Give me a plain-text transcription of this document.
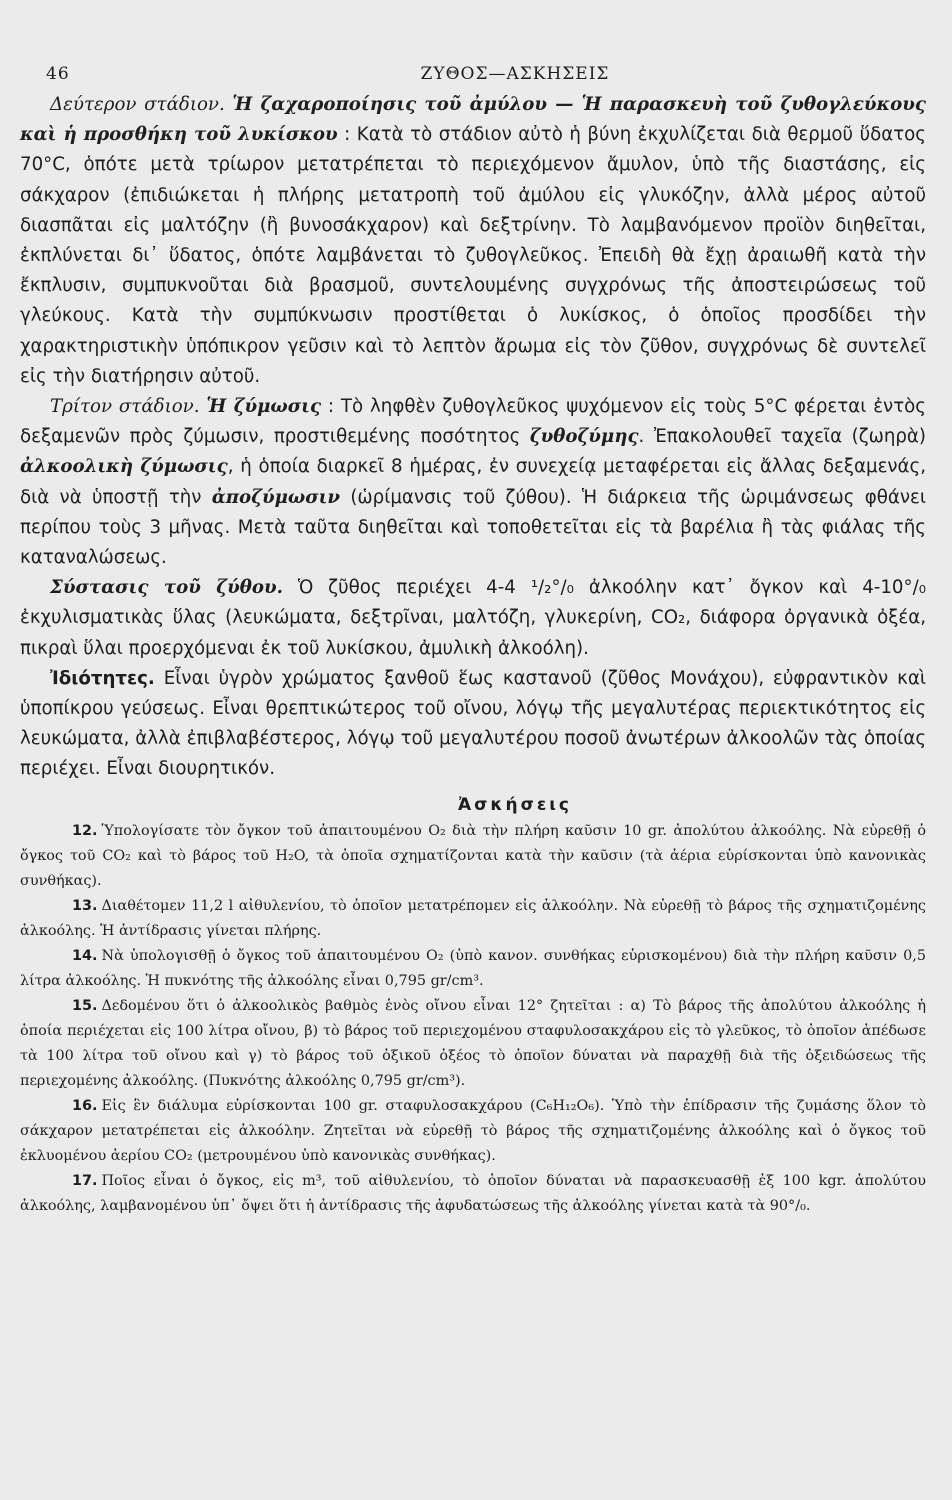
46	ΖΥΘΟΣ—ΑΣΚΗΣΕΙΣ

Δεύτερον στάδιον. Ἡ ζαχαροποίησις τοῦ ἀμύλου — Ἡ παρασκευὴ τοῦ ζυθογλεύκους καὶ ἡ προσθήκη τοῦ λυκίσκου : Κατὰ τὸ στάδιον αὐτὸ ἡ βύνη ἐκχυλίζεται διὰ θερμοῦ ὕδατος 70°C, ὁπότε μετὰ τρίωρον μετατρέπεται τὸ περιεχόμενον ἄμυλον, ὑπὸ τῆς διαστάσης, εἰς σάκχαρον (ἐπιδιώκεται ἡ πλήρης μετατροπὴ τοῦ ἀμύλου εἰς γλυκόζην, ἀλλὰ μέρος αὐτοῦ διασπᾶται εἰς μαλτόζην (ἢ βυνοσάκχαρον) καὶ δεξτρίνην. Τὸ λαμβανόμενον προϊὸν διηθεῖται, ἐκπλύνεται δι᾽ ὕδατος, ὁπότε λαμβάνεται τὸ ζυθογλεῦκος. Ἐπειδὴ θὰ ἔχῃ ἀραιωθῆ κατὰ τὴν ἔκπλυσιν, συμπυκνοῦται διὰ βρασμοῦ, συντελουμένης συγχρόνως τῆς ἀποστειρώσεως τοῦ γλεύκους. Κατὰ τὴν συμπύκνωσιν προστίθεται ὁ λυκίσκος, ὁ ὁποῖος προσδίδει τὴν χαρακτηριστικὴν ὑπόπικρον γεῦσιν καὶ τὸ λεπτὸν ἄρωμα εἰς τὸν ζῦθον, συγχρόνως δὲ συντελεῖ εἰς τὴν διατήρησιν αὐτοῦ.

Τρίτον στάδιον. Ἡ ζύμωσις : Τὸ ληφθὲν ζυθογλεῦκος ψυχόμενον εἰς τοὺς 5°C φέρεται ἐντὸς δεξαμενῶν πρὸς ζύμωσιν, προστιθεμένης ποσότητος ζυθοζύμης. Ἐπακολουθεῖ ταχεῖα (ζωηρὰ) ἀλκοολικὴ ζύμωσις, ἡ ὁποία διαρκεῖ 8 ἡμέρας, ἐν συνεχείᾳ μεταφέρεται εἰς ἄλλας δεξαμενάς, διὰ νὰ ὑποστῇ τὴν ἀποζύμωσιν (ὡρίμανσις τοῦ ζύθου). Ἡ διάρκεια τῆς ὡριμάνσεως φθάνει περίπου τοὺς 3 μῆνας. Μετὰ ταῦτα διηθεῖται καὶ τοποθετεῖται εἰς τὰ βαρέλια ἢ τὰς φιάλας τῆς καταναλώσεως.

Σύστασις τοῦ ζύθου. Ὁ ζῦθος περιέχει 4-4 ¹/₂°/₀ ἀλκοόλην κατ᾽ ὄγκον καὶ 4-10°/₀ ἐκχυλισματικὰς ὕλας (λευκώματα, δεξτρῖναι, μαλτόζη, γλυκερίνη, CO₂, διάφορα ὀργανικὰ ὀξέα, πικραὶ ὕλαι προερχόμεναι ἐκ τοῦ λυκίσκου, ἀμυλικὴ ἀλκοόλη).

Ἰδιότητες. Εἶναι ὑγρὸν χρώματος ξανθοῦ ἕως καστανοῦ (ζῦθος Μονάχου), εὐφραντικὸν καὶ ὑποπίκρου γεύσεως. Εἶναι θρεπτικώτερος τοῦ οἴνου, λόγῳ τῆς μεγαλυτέρας περιεκτικότητος εἰς λευκώματα, ἀλλὰ ἐπιβλαβέστερος, λόγῳ τοῦ μεγαλυτέρου ποσοῦ ἀνωτέρων ἀλκοολῶν τὰς ὁποίας περιέχει. Εἶναι διουρητικόν.

Ἀσκήσεις

12. Ὑπολογίσατε τὸν ὄγκον τοῦ ἀπαιτουμένου O₂ διὰ τὴν πλήρη καῦσιν 10 gr. ἀπολύτου ἀλκοόλης. Νὰ εὑρεθῇ ὁ ὄγκος τοῦ CO₂ καὶ τὸ βάρος τοῦ H₂O, τὰ ὁποῖα σχηματίζονται κατὰ τὴν καῦσιν (τὰ ἀέρια εὑρίσκονται ὑπὸ κανονικὰς συνθήκας).

13. Διαθέτομεν 11,2 l αἰθυλενίου, τὸ ὁποῖον μετατρέπομεν εἰς ἀλκοόλην. Νὰ εὑρεθῇ τὸ βάρος τῆς σχηματιζομένης ἀλκοόλης. Ἡ ἀντίδρασις γίνεται πλήρης.

14. Νὰ ὑπολογισθῇ ὁ ὄγκος τοῦ ἀπαιτουμένου O₂ (ὑπὸ κανον. συνθήκας εὑρισκομένου) διὰ τὴν πλήρη καῦσιν 0,5 λίτρα ἀλκοόλης. Ἡ πυκνότης τῆς ἀλκοόλης εἶναι 0,795 gr/cm³.

15. Δεδομένου ὅτι ὁ ἀλκοολικὸς βαθμὸς ἑνὸς οἴνου εἶναι 12° ζητεῖται : α) Τὸ βάρος τῆς ἀπολύτου ἀλκοόλης ἡ ὁποία περιέχεται εἰς 100 λίτρα οἴνου, β) τὸ βάρος τοῦ περιεχομένου σταφυλοσακχάρου εἰς τὸ γλεῦκος, τὸ ὁποῖον ἀπέδωσε τὰ 100 λίτρα τοῦ οἴνου καὶ γ) τὸ βάρος τοῦ ὀξικοῦ ὀξέος τὸ ὁποῖον δύναται νὰ παραχθῇ διὰ τῆς ὀξειδώσεως τῆς περιεχομένης ἀλκοόλης. (Πυκνότης ἀλκοόλης 0,795 gr/cm³).

16. Εἰς ἓν διάλυμα εὑρίσκονται 100 gr. σταφυλοσακχάρου (C₆H₁₂O₆). Ὑπὸ τὴν ἐπίδρασιν τῆς ζυμάσης ὅλον τὸ σάκχαρον μετατρέπεται εἰς ἀλκοόλην. Ζητεῖται νὰ εὑρεθῇ τὸ βάρος τῆς σχηματιζομένης ἀλκοόλης καὶ ὁ ὄγκος τοῦ ἐκλυομένου ἀερίου CO₂ (μετρουμένου ὑπὸ κανονικὰς συνθήκας).

17. Ποῖος εἶναι ὁ ὄγκος, εἰς m³, τοῦ αἰθυλενίου, τὸ ὁποῖον δύναται νὰ παρασκευασθῇ ἐξ 100 kgr. ἀπολύτου ἀλκοόλης, λαμβανομένου ὑπ᾽ ὄψει ὅτι ἡ ἀντίδρασις τῆς ἀφυδατώσεως τῆς ἀλκοόλης γίνεται κατὰ τὰ 90°/₀.
